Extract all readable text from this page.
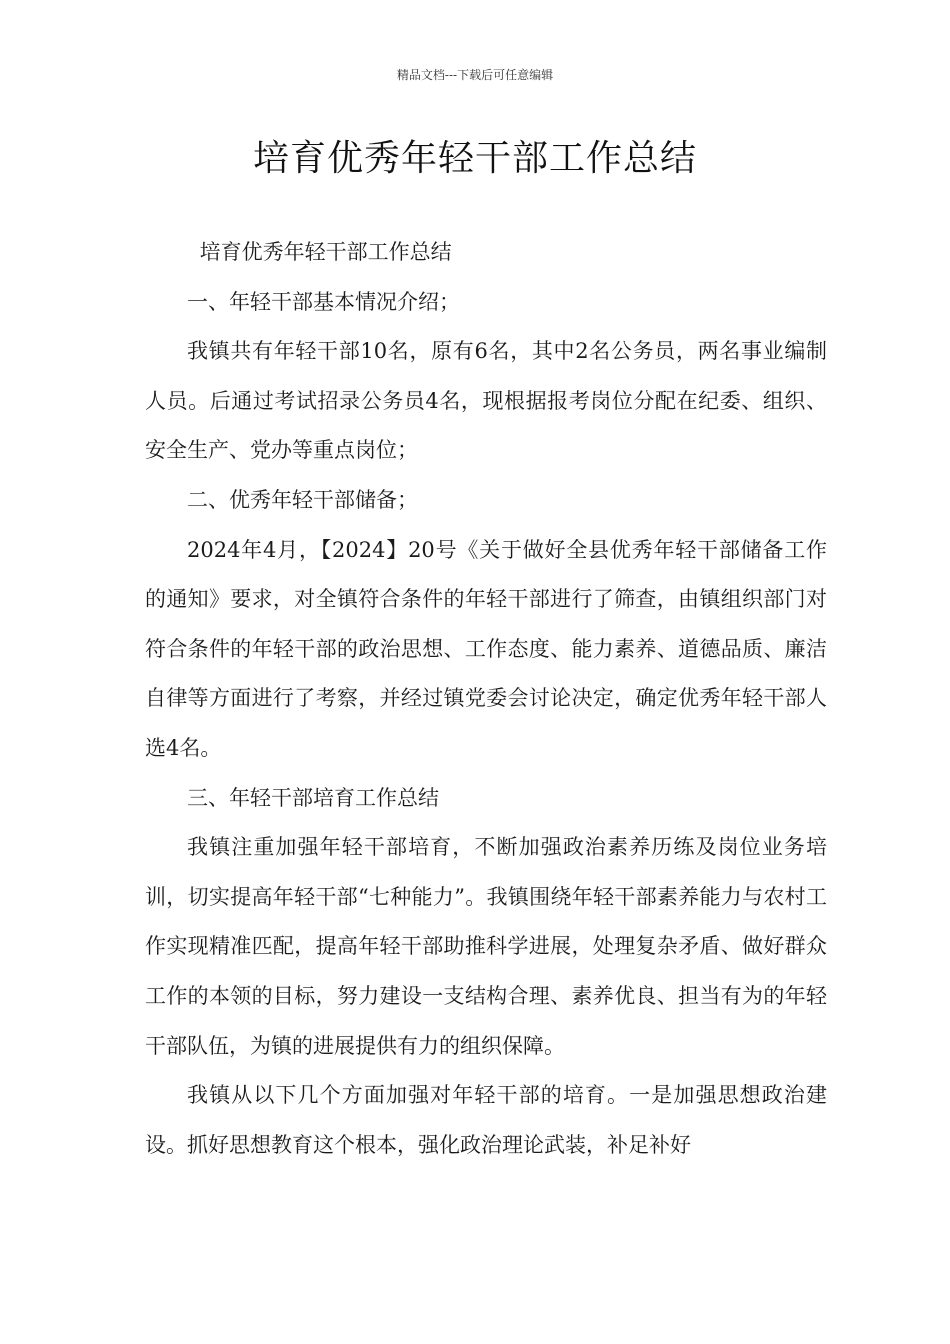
精品文档---下载后可任意编辑
培育优秀年轻干部工作总结

培育优秀年轻干部工作总结

一、年轻干部基本情况介绍；

我镇共有年轻干部10名，原有6名，其中2名公务员，两名事业编制人员。后通过考试招录公务员4名，现根据报考岗位分配在纪委、组织、安全生产、党办等重点岗位；

二、优秀年轻干部储备；

2024年4月，【2024】20号《关于做好全县优秀年轻干部储备工作的通知》要求，对全镇符合条件的年轻干部进行了筛查，由镇组织部门对符合条件的年轻干部的政治思想、工作态度、能力素养、道德品质、廉洁自律等方面进行了考察，并经过镇党委会讨论决定，确定优秀年轻干部人选4名。

三、年轻干部培育工作总结

我镇注重加强年轻干部培育，不断加强政治素养历练及岗位业务培训，切实提高年轻干部“七种能力”。我镇围绕年轻干部素养能力与农村工作实现精准匹配，提高年轻干部助推科学进展，处理复杂矛盾、做好群众工作的本领的目标，努力建设一支结构合理、素养优良、担当有为的年轻干部队伍，为镇的进展提供有力的组织保障。

我镇从以下几个方面加强对年轻干部的培育。一是加强思想政治建设。抓好思想教育这个根本，强化政治理论武装，补足补好
